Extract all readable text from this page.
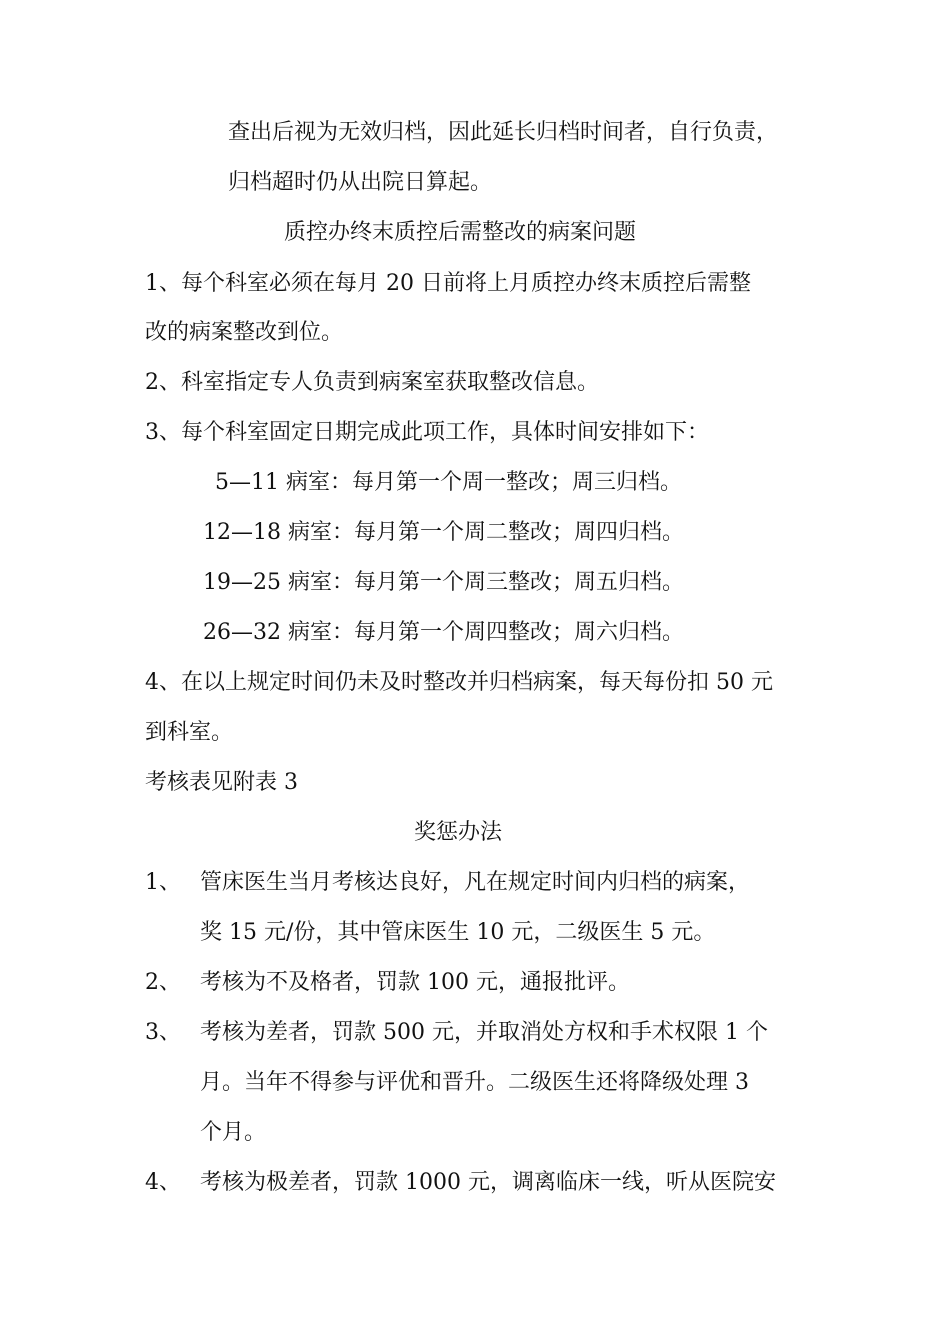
查出后视为无效归档，因此延长归档时间者，自行负责，
归档超时仍从出院日算起。
质控办终末质控后需整改的病案问题
1、每个科室必须在每月 20 日前将上月质控办终末质控后需整
改的病案整改到位。
2、科室指定专人负责到病案室获取整改信息。
3、每个科室固定日期完成此项工作，具体时间安排如下：
5—11 病室：每月第一个周一整改；周三归档。
12—18 病室：每月第一个周二整改；周四归档。
19—25 病室：每月第一个周三整改；周五归档。
26—32 病室：每月第一个周四整改；周六归档。
4、在以上规定时间仍未及时整改并归档病案，每天每份扣 50 元
到科室。
考核表见附表 3
奖惩办法
1、 管床医生当月考核达良好，凡在规定时间内归档的病案，
奖 15 元/份，其中管床医生 10 元，二级医生 5 元。
2、 考核为不及格者，罚款 100 元，通报批评。
3、 考核为差者，罚款 500 元，并取消处方权和手术权限 1 个
月。当年不得参与评优和晋升。二级医生还将降级处理 3
个月。
4、 考核为极差者，罚款 1000 元，调离临床一线，听从医院安
